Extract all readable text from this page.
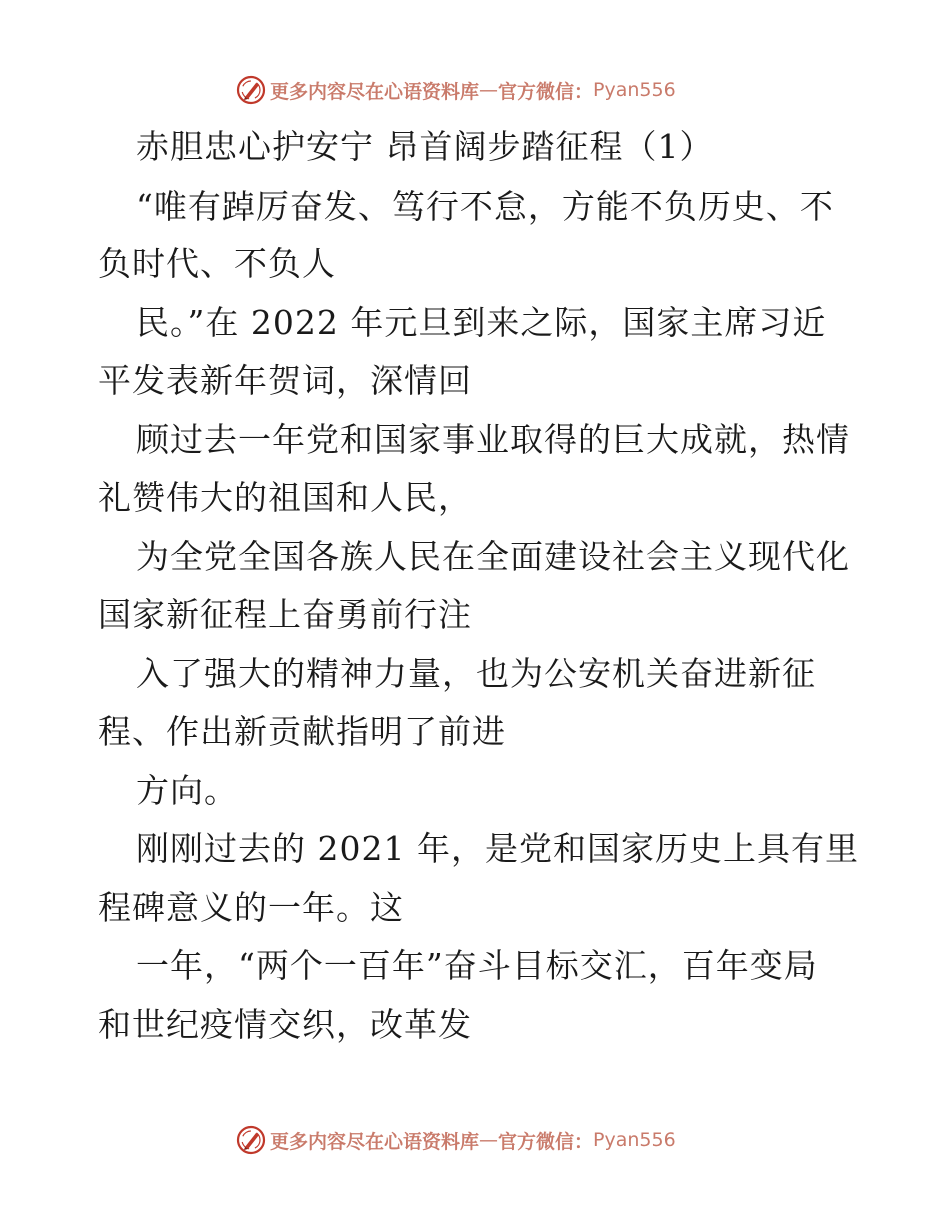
更多内容尽在心语资料库 — 官方微信： Pyan556
赤胆忠心护安宁 昂首阔步踏征程（1）
“唯有踔厉奋发、笃行不怠，方能不负历史、不
负时代、不负人
民。”在 2022 年元旦到来之际，国家主席习近
平发表新年贺词，深情回
顾过去一年党和国家事业取得的巨大成就，热情
礼赞伟大的祖国和人民，
为全党全国各族人民在全面建设社会主义现代化
国家新征程上奋勇前行注
入了强大的精神力量，也为公安机关奋进新征
程、作出新贡献指明了前进
方向。
刚刚过去的 2021 年，是党和国家历史上具有里
程碑意义的一年。这
一年，“两个一百年”奋斗目标交汇，百年变局
和世纪疫情交织，改革发
更多内容尽在心语资料库 — 官方微信： Pyan556
